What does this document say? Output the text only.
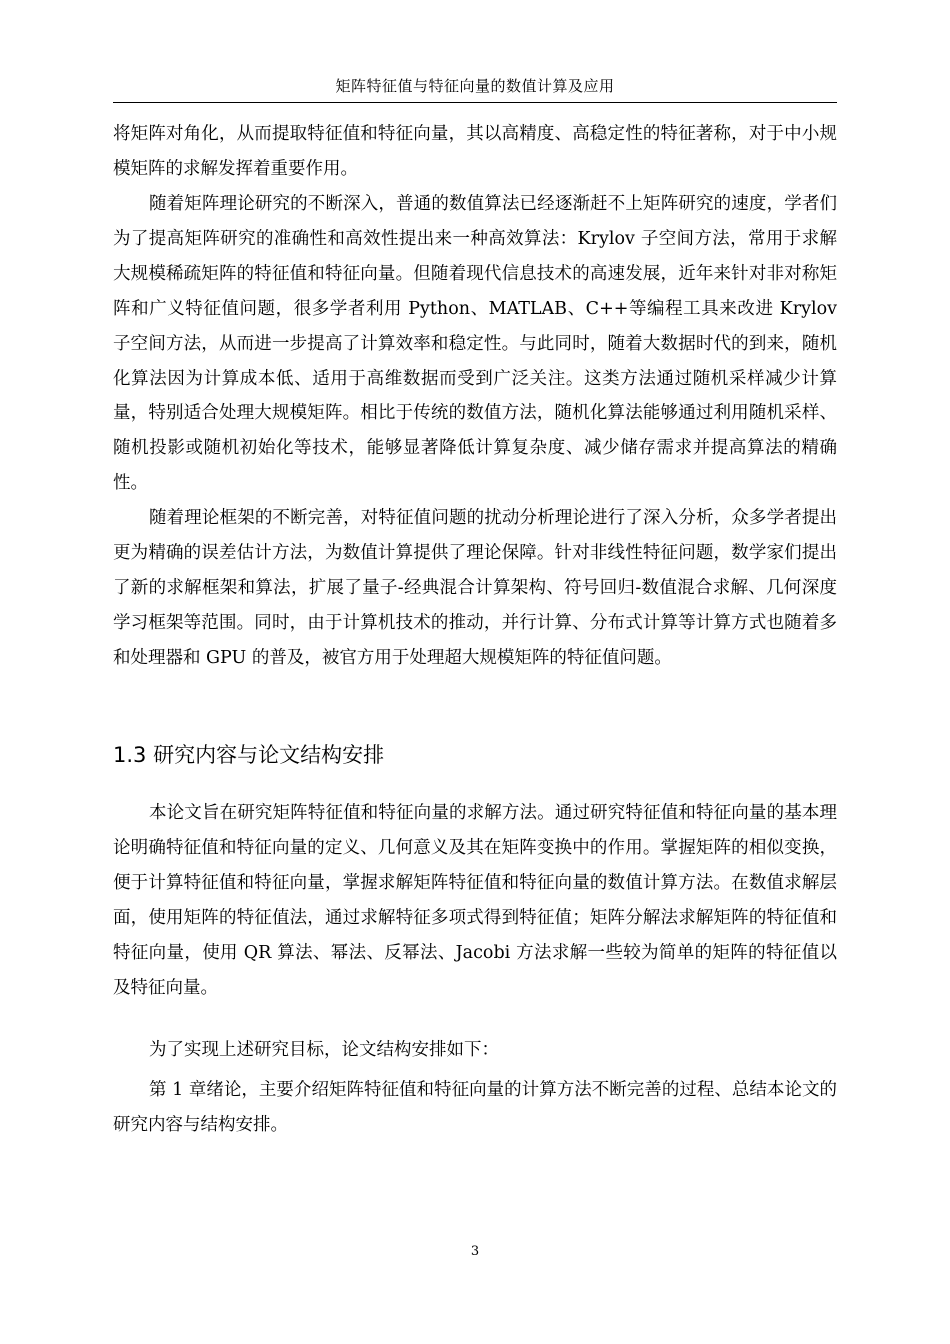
矩阵特征值与特征向量的数值计算及应用

将矩阵对角化，从而提取特征值和特征向量，其以高精度、高稳定性的特征著称，对于中小规模矩阵的求解发挥着重要作用。

随着矩阵理论研究的不断深入，普通的数值算法已经逐渐赶不上矩阵研究的速度，学者们为了提高矩阵研究的准确性和高效性提出来一种高效算法：Krylov 子空间方法，常用于求解大规模稀疏矩阵的特征值和特征向量。但随着现代信息技术的高速发展，近年来针对非对称矩阵和广义特征值问题，很多学者利用 Python、MATLAB、C++等编程工具来改进 Krylov 子空间方法，从而进一步提高了计算效率和稳定性。与此同时，随着大数据时代的到来，随机化算法因为计算成本低、适用于高维数据而受到广泛关注。这类方法通过随机采样减少计算量，特别适合处理大规模矩阵。相比于传统的数值方法，随机化算法能够通过利用随机采样、随机投影或随机初始化等技术，能够显著降低计算复杂度、减少储存需求并提高算法的精确性。

随着理论框架的不断完善，对特征值问题的扰动分析理论进行了深入分析，众多学者提出更为精确的误差估计方法，为数值计算提供了理论保障。针对非线性特征问题，数学家们提出了新的求解框架和算法，扩展了量子-经典混合计算架构、符号回归-数值混合求解、几何深度学习框架等范围。同时，由于计算机技术的推动，并行计算、分布式计算等计算方式也随着多和处理器和 GPU 的普及，被官方用于处理超大规模矩阵的特征值问题。

1.3 研究内容与论文结构安排

本论文旨在研究矩阵特征值和特征向量的求解方法。通过研究特征值和特征向量的基本理论明确特征值和特征向量的定义、几何意义及其在矩阵变换中的作用。掌握矩阵的相似变换，便于计算特征值和特征向量，掌握求解矩阵特征值和特征向量的数值计算方法。在数值求解层面，使用矩阵的特征值法，通过求解特征多项式得到特征值；矩阵分解法求解矩阵的特征值和特征向量，使用 QR 算法、幂法、反幂法、Jacobi 方法求解一些较为简单的矩阵的特征值以及特征向量。

为了实现上述研究目标，论文结构安排如下：

第 1 章绪论，主要介绍矩阵特征值和特征向量的计算方法不断完善的过程、总结本论文的研究内容与结构安排。

3
